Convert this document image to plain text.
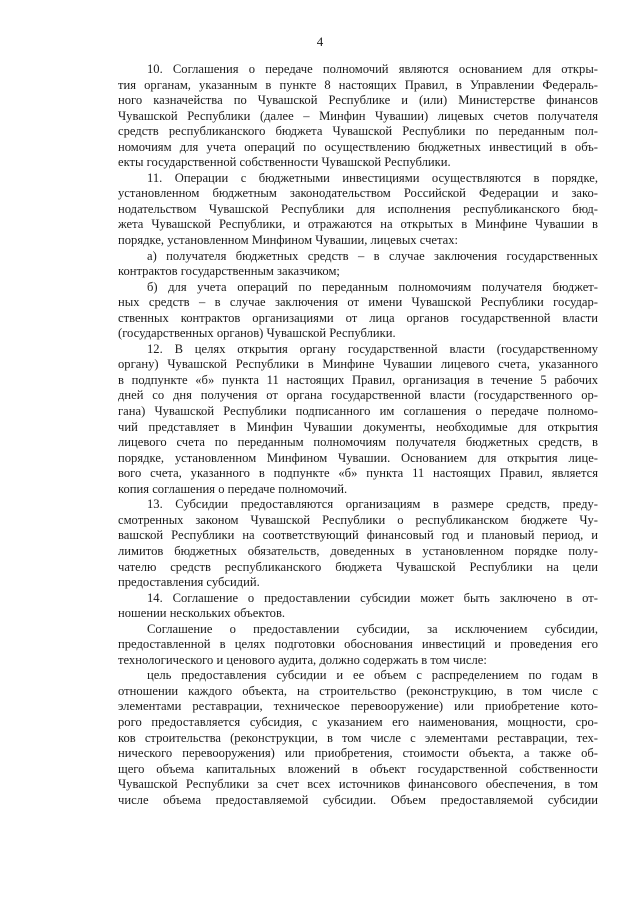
4
10. Соглашения о передаче полномочий являются основанием для откры-
тия органам, указанным в пункте 8 настоящих Правил, в Управлении Федераль-
ного казначейства по Чувашской Республике и (или) Министерстве финансов
Чувашской Республики (далее – Минфин Чувашии) лицевых счетов получателя
средств республиканского бюджета Чувашской Республики по переданным пол-
номочиям для учета операций по осуществлению бюджетных инвестиций в объ-
екты государственной собственности Чувашской Республики.
11. Операции с бюджетными инвестициями осуществляются в порядке,
установленном бюджетным законодательством Российской Федерации и зако-
нодательством Чувашской Республики для исполнения республиканского бюд-
жета Чувашской Республики, и отражаются на открытых в Минфине Чувашии в
порядке, установленном Минфином Чувашии, лицевых счетах:
а) получателя бюджетных средств – в случае заключения государственных
контрактов государственным заказчиком;
б) для учета операций по переданным полномочиям получателя бюджет-
ных средств – в случае заключения от имени Чувашской Республики государ-
ственных контрактов организациями от лица органов государственной власти
(государственных органов) Чувашской Республики.
12. В целях открытия органу государственной власти (государственному
органу) Чувашской Республики в Минфине Чувашии лицевого счета, указанного
в подпункте «б» пункта 11 настоящих Правил, организация в течение 5 рабочих
дней со дня получения от органа государственной власти (государственного ор-
гана) Чувашской Республики подписанного им соглашения о передаче полномо-
чий представляет в Минфин Чувашии документы, необходимые для открытия
лицевого счета по переданным полномочиям получателя бюджетных средств, в
порядке, установленном Минфином Чувашии. Основанием для открытия лице-
вого счета, указанного в подпункте «б» пункта 11 настоящих Правил, является
копия соглашения о передаче полномочий.
13. Субсидии предоставляются организациям в размере средств, преду-
смотренных законом Чувашской Республики о республиканском бюджете Чу-
вашской Республики на соответствующий финансовый год и плановый период, и
лимитов бюджетных обязательств, доведенных в установленном порядке полу-
чателю средств республиканского бюджета Чувашской Республики на цели
предоставления субсидий.
14. Соглашение о предоставлении субсидии может быть заключено в от-
ношении нескольких объектов.
Соглашение о предоставлении субсидии, за исключением субсидии,
предоставленной в целях подготовки обоснования инвестиций и проведения его
технологического и ценового аудита, должно содержать в том числе:
цель предоставления субсидии и ее объем с распределением по годам в
отношении каждого объекта, на строительство (реконструкцию, в том числе с
элементами реставрации, техническое перевооружение) или приобретение кото-
рого предоставляется субсидия, с указанием его наименования, мощности, сро-
ков строительства (реконструкции, в том числе с элементами реставрации, тех-
нического перевооружения) или приобретения, стоимости объекта, а также об-
щего объема капитальных вложений в объект государственной собственности
Чувашской Республики за счет всех источников финансового обеспечения, в том
числе объема предоставляемой субсидии. Объем предоставляемой субсидии
